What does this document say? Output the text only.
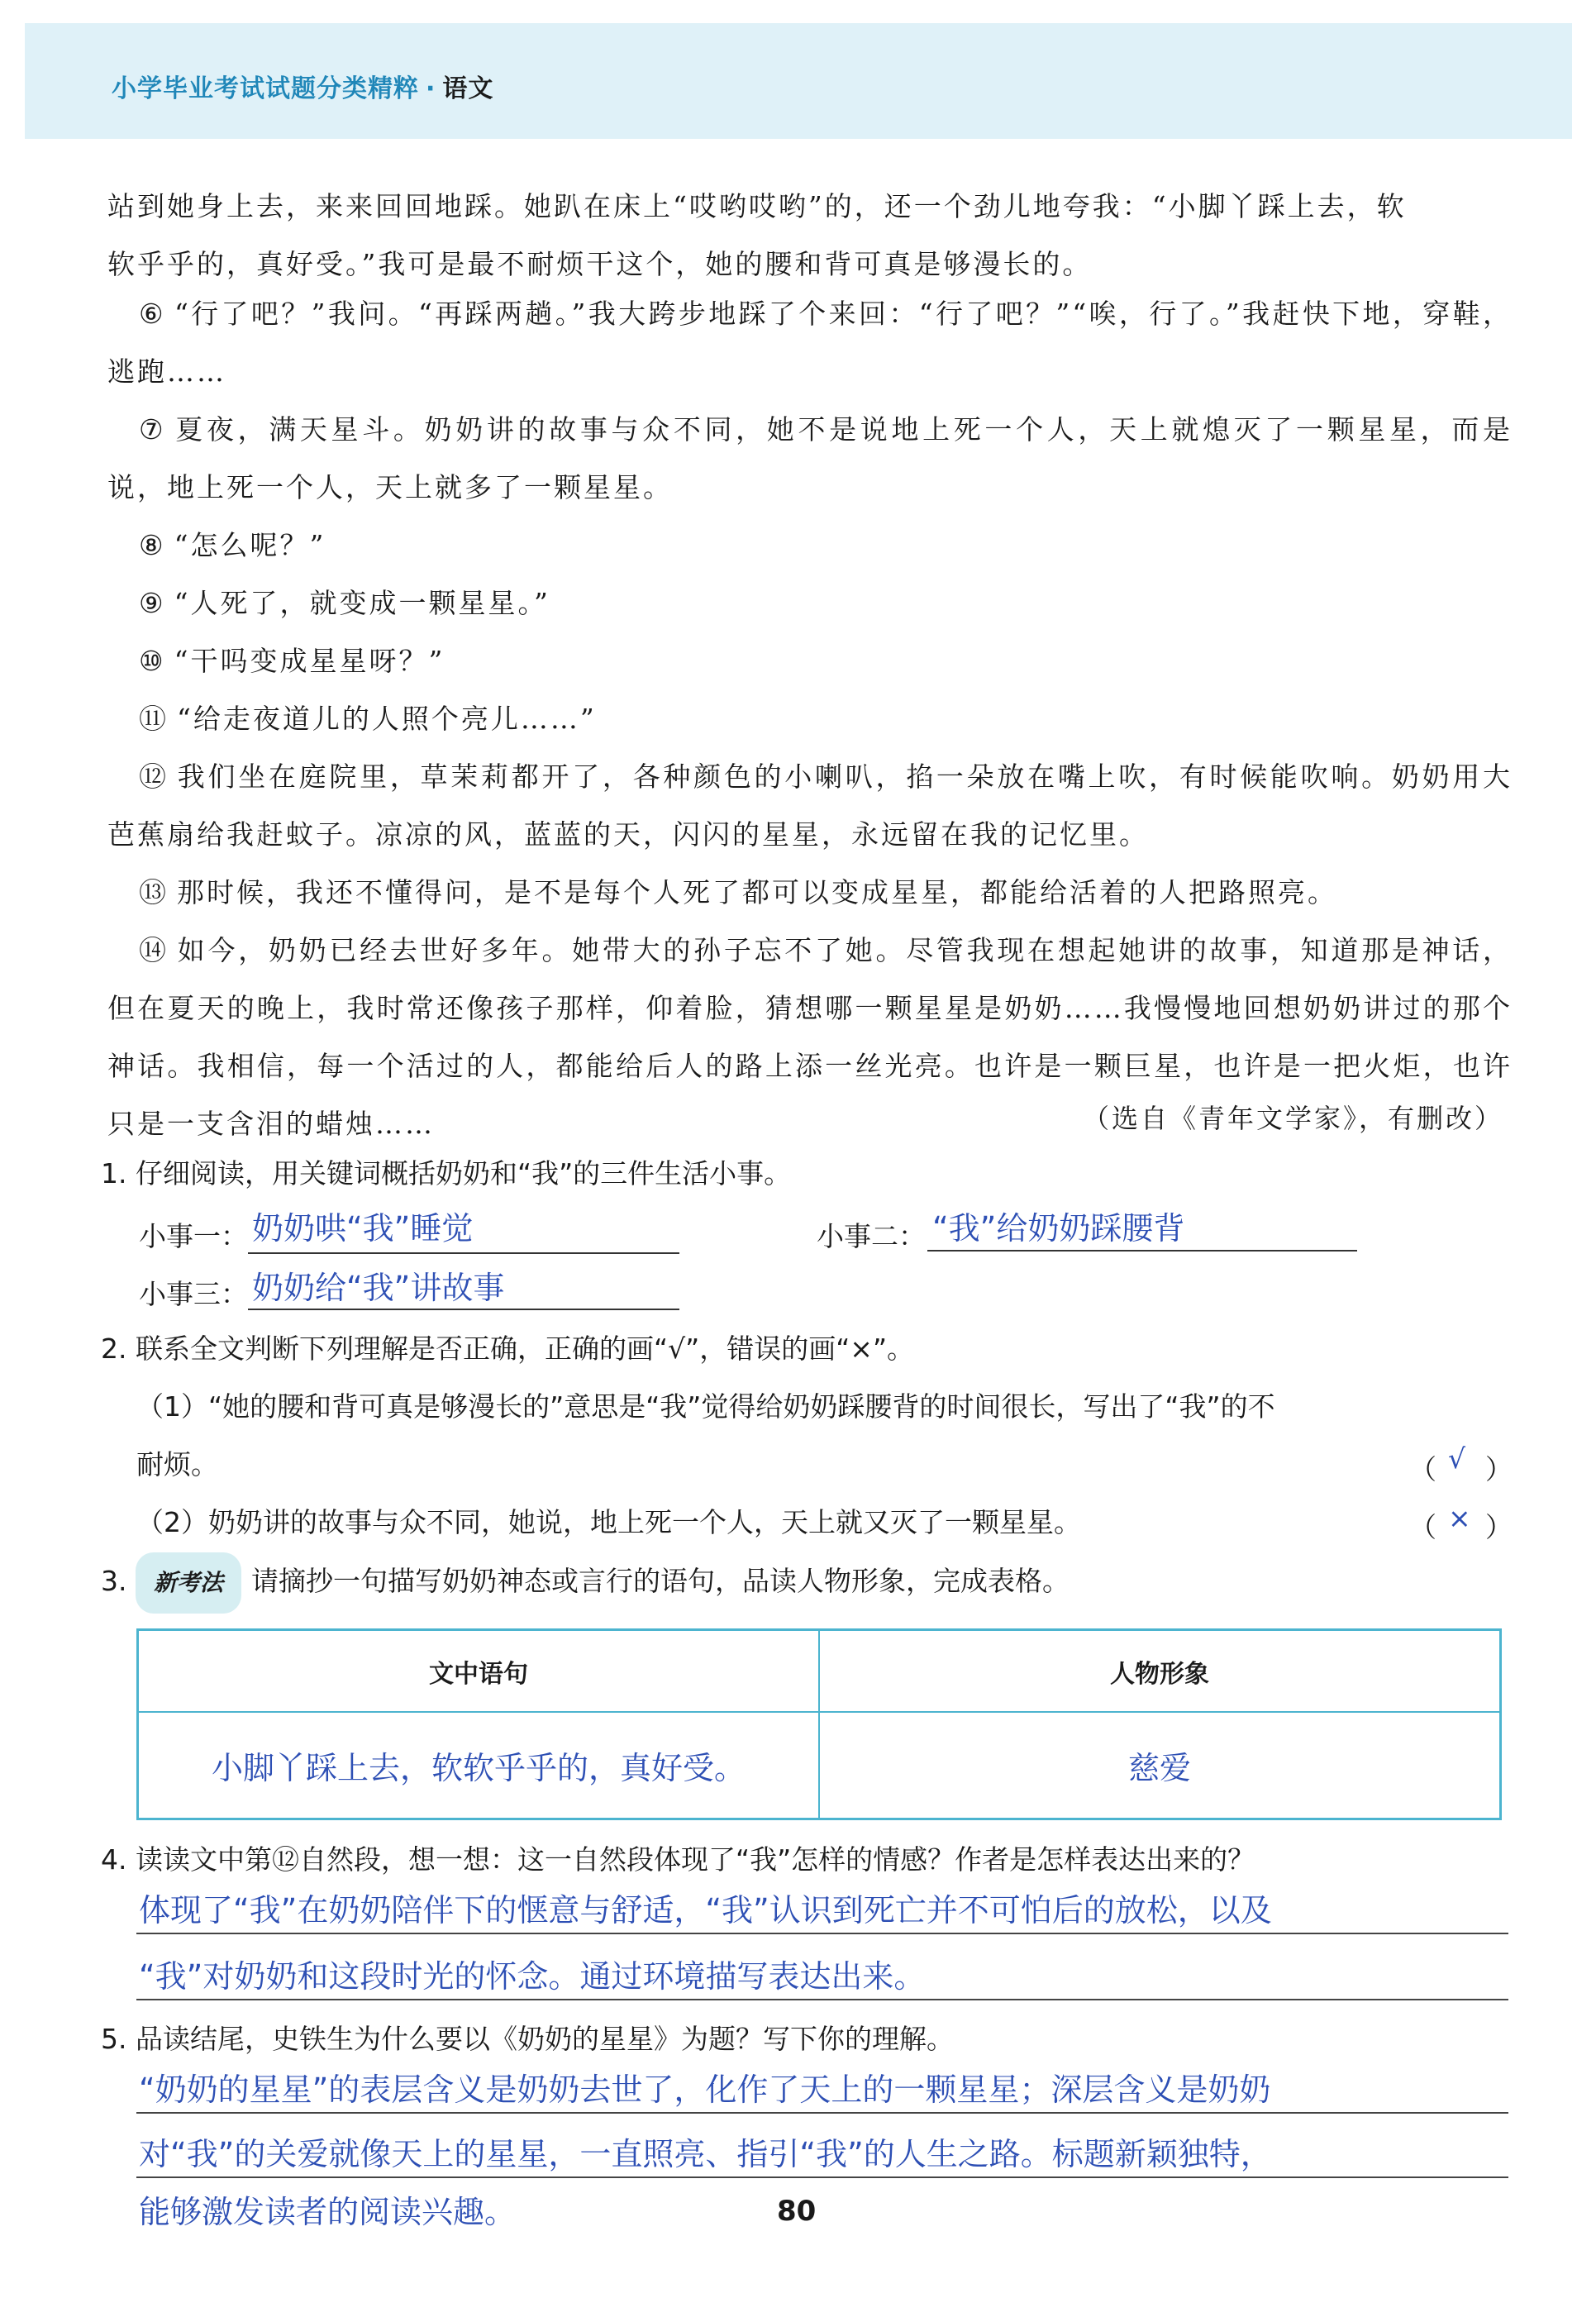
小学毕业考试试题分类精粹 · 语文
站到她身上去，来来回回地踩。她趴在床上“哎哟哎哟”的，还一个劲儿地夸我：“小脚丫踩上去，软
软乎乎的，真好受。”我可是最不耐烦干这个，她的腰和背可真是够漫长的。
⑥ “行了吧？”我问。“再踩两趟。”我大跨步地踩了个来回：“行了吧？”“唉，行了。”我赶快下地，穿鞋，逃跑……
⑦ 夏夜，满天星斗。奶奶讲的故事与众不同，她不是说地上死一个人，天上就熄灭了一颗星星，而是说，地上死一个人，天上就多了一颗星星。
⑧ “怎么呢？”
⑨ “人死了，就变成一颗星星。”
⑩ “干吗变成星星呀？”
⑪ “给走夜道儿的人照个亮儿……”
⑫ 我们坐在庭院里，草茉莉都开了，各种颜色的小喇叭，掐一朵放在嘴上吹，有时候能吹响。奶奶用大芭蕉扇给我赶蚊子。凉凉的风，蓝蓝的天，闪闪的星星，永远留在我的记忆里。
⑬ 那时候，我还不懂得问，是不是每个人死了都可以变成星星，都能给活着的人把路照亮。
⑭ 如今，奶奶已经去世好多年。她带大的孙子忘不了她。尽管我现在想起她讲的故事，知道那是神话，但在夏天的晚上，我时常还像孩子那样，仰着脸，猜想哪一颗星星是奶奶……我慢慢地回想奶奶讲过的那个神话。我相信，每一个活过的人，都能给后人的路上添一丝光亮。也许是一颗巨星，也许是一把火炬，也许只是一支含泪的蜡烛……	（选自《青年文学家》，有删改）
1. 仔细阅读，用关键词概括奶奶和“我”的三件生活小事。
小事一： 奶奶哄“我”睡觉	小事二： “我”给奶奶踩腰背
小事三： 奶奶给“我”讲故事
2. 联系全文判断下列理解是否正确，正确的画“√”，错误的画“×”。
（1）“她的腰和背可真是够漫长的”意思是“我”觉得给奶奶踩腰背的时间很长，写出了“我”的不
耐烦。	（ √ ）
（2）奶奶讲的故事与众不同，她说，地上死一个人，天上就又灭了一颗星星。	（ × ）
3. 新考法 请摘抄一句描写奶奶神态或言行的语句，品读人物形象，完成表格。
文中语句	人物形象
小脚丫踩上去，软软乎乎的，真好受。	慈爱
4. 读读文中第⑫自然段，想一想：这一自然段体现了“我”怎样的情感？作者是怎样表达出来的？
体现了“我”在奶奶陪伴下的惬意与舒适，“我”认识到死亡并不可怕后的放松，以及
“我”对奶奶和这段时光的怀念。通过环境描写表达出来。
5. 品读结尾，史铁生为什么要以《奶奶的星星》为题？写下你的理解。
“奶奶的星星”的表层含义是奶奶去世了，化作了天上的一颗星星；深层含义是奶奶
对“我”的关爱就像天上的星星，一直照亮、指引“我”的人生之路。标题新颖独特，
能够激发读者的阅读兴趣。	80
